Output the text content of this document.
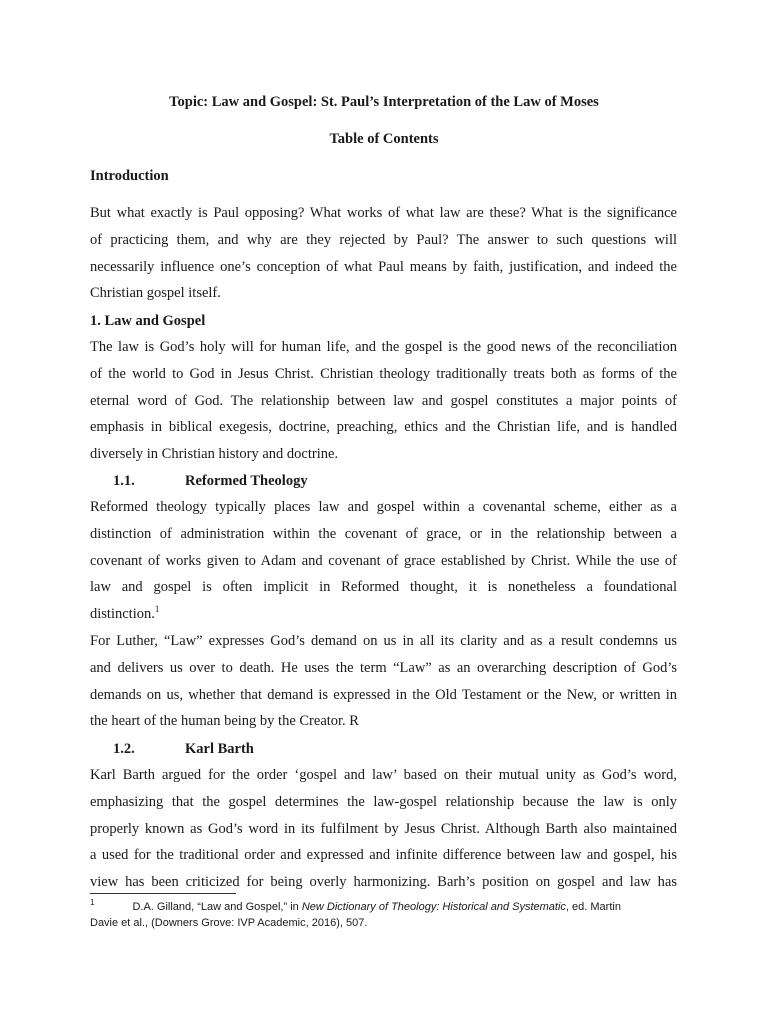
Topic: Law and Gospel: St. Paul’s Interpretation of the Law of Moses
Table of Contents
Introduction
But what exactly is Paul opposing? What works of what law are these? What is the significance
of practicing them, and why are they rejected by Paul? The answer to such questions will
necessarily influence one’s conception of what Paul means by faith, justification, and indeed the
Christian gospel itself.
1. Law and Gospel
The law is God’s holy will for human life, and the gospel is the good news of the reconciliation
of the world to God in Jesus Christ. Christian theology traditionally treats both as forms of the
eternal word of God. The relationship between law and gospel constitutes a major points of
emphasis in biblical exegesis, doctrine, preaching, ethics and the Christian life, and is handled
diversely in Christian history and doctrine.
1.1.	Reformed Theology
Reformed theology typically places law and gospel within a covenantal scheme, either as a
distinction of administration within the covenant of grace, or in the relationship between a
covenant of works given to Adam and covenant of grace established by Christ. While the use of
law and gospel is often implicit in Reformed thought, it is nonetheless a foundational
distinction.$^1$
For Luther, “Law” expresses God’s demand on us in all its clarity and as a result condemns us
and delivers us over to death. He uses the term “Law” as an overarching description of God’s
demands on us, whether that demand is expressed in the Old Testament or the New, or written in
the heart of the human being by the Creator. R
1.2.	Karl Barth
Karl Barth argued for the order ‘gospel and law’ based on their mutual unity as God’s word,
emphasizing that the gospel determines the law-gospel relationship because the law is only
properly known as God’s word in its fulfilment by Jesus Christ. Although Barth also maintained
a used for the traditional order and expressed and infinite difference between law and gospel, his
view has been criticized for being overly harmonizing. Barh’s position on gospel and law has
$^1$	D.A. Gilland, “Law and Gospel,” in New Dictionary of Theology: Historical and Systematic, ed. Martin
Davie et al., (Downers Grove: IVP Academic, 2016), 507.
